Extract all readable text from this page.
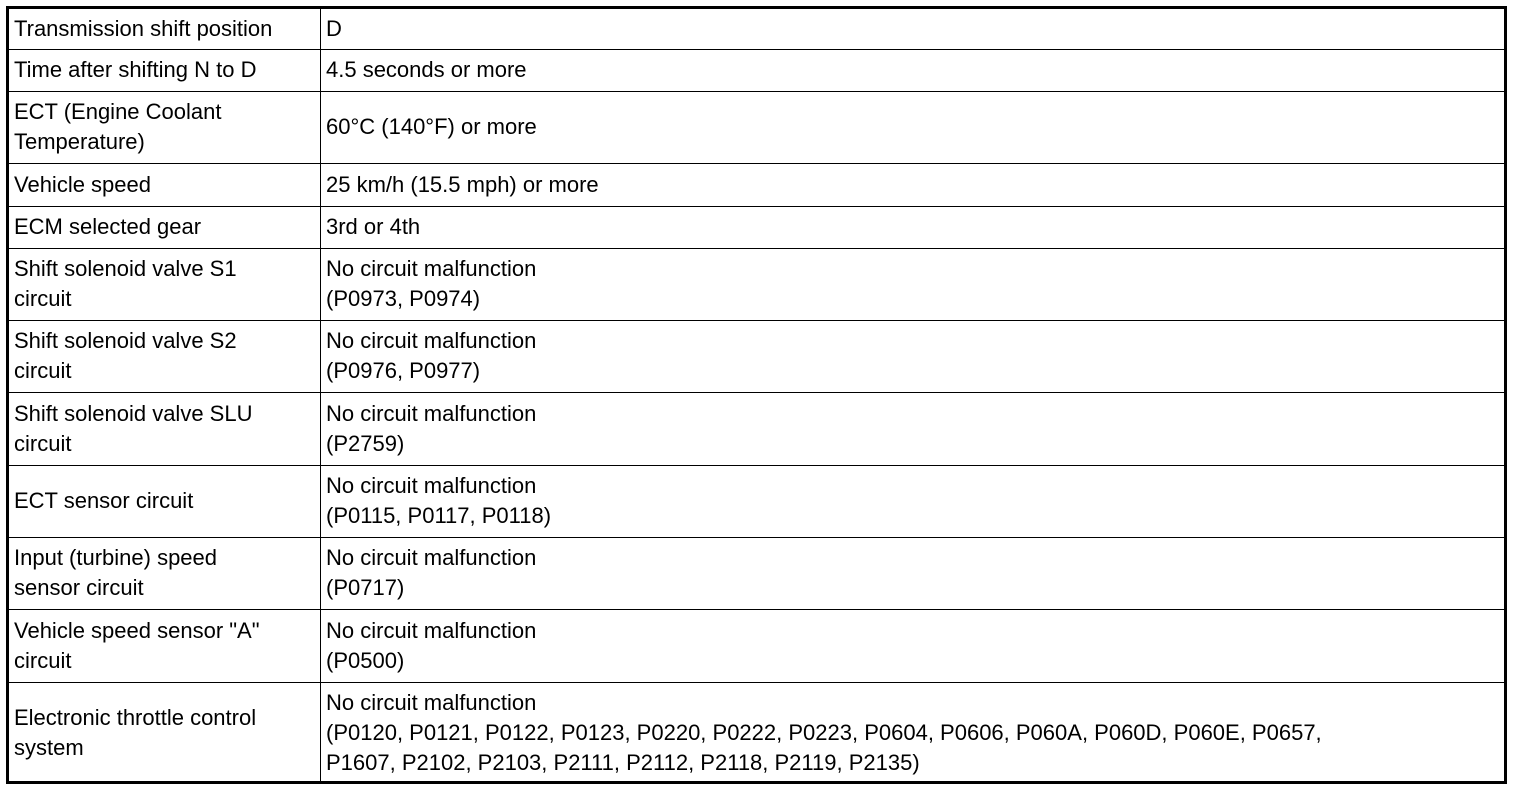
Transmission shift position	D
Time after shifting N to D	4.5 seconds or more
ECT (Engine Coolant
Temperature)	60°C (140°F) or more
Vehicle speed	25 km/h (15.5 mph) or more
ECM selected gear	3rd or 4th
Shift solenoid valve S1
circuit	No circuit malfunction
(P0973, P0974)
Shift solenoid valve S2
circuit	No circuit malfunction
(P0976, P0977)
Shift solenoid valve SLU
circuit	No circuit malfunction
(P2759)
ECT sensor circuit	No circuit malfunction
(P0115, P0117, P0118)
Input (turbine) speed
sensor circuit	No circuit malfunction
(P0717)
Vehicle speed sensor "A"
circuit	No circuit malfunction
(P0500)
Electronic throttle control
system	No circuit malfunction
(P0120, P0121, P0122, P0123, P0220, P0222, P0223, P0604, P0606, P060A, P060D, P060E, P0657,
P1607, P2102, P2103, P2111, P2112, P2118, P2119, P2135)
